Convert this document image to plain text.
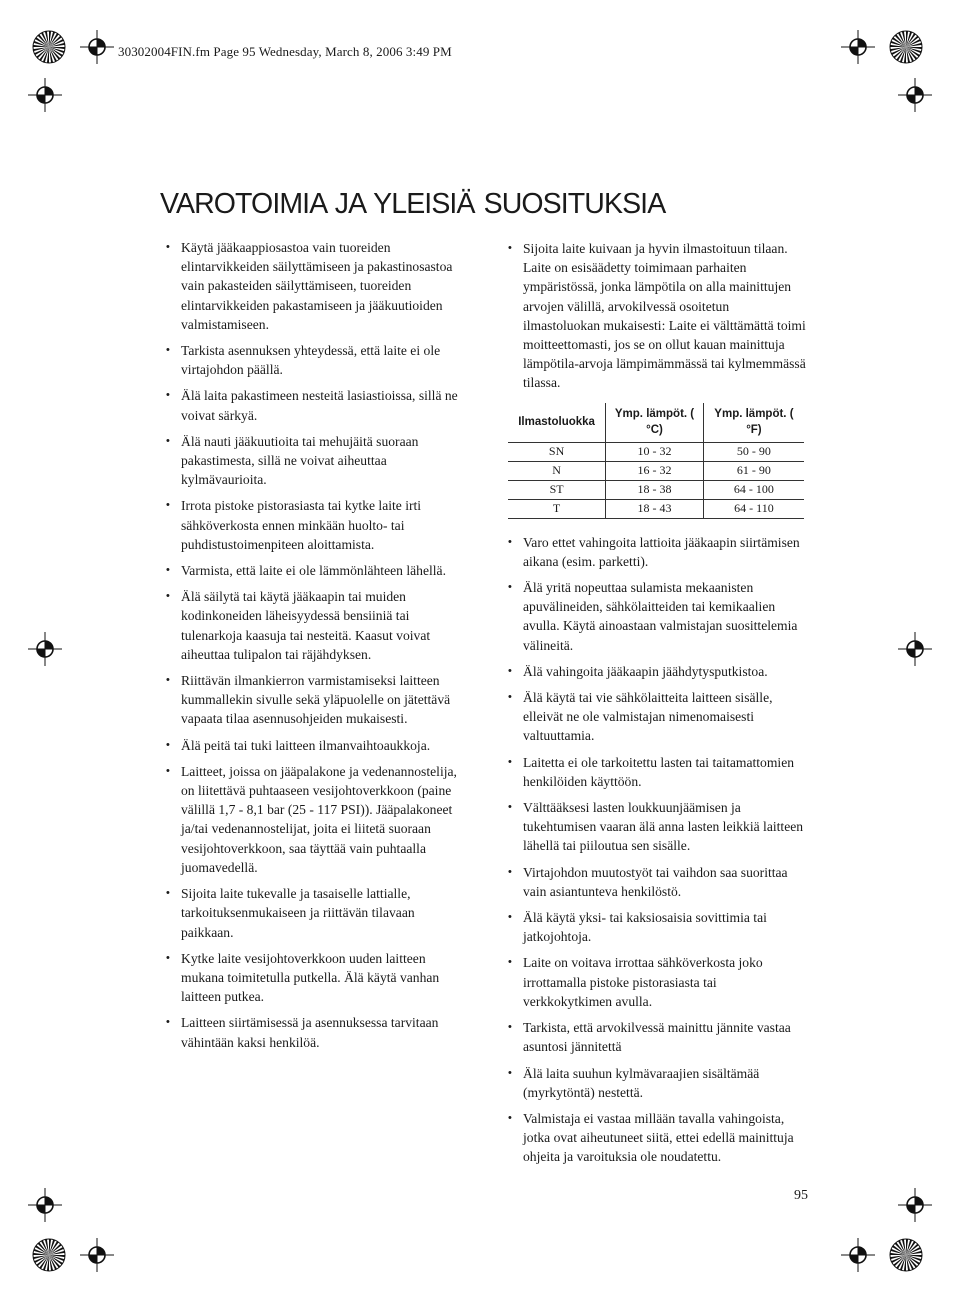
30302004FIN.fm Page 95 Wednesday, March 8, 2006 3:49 PM
VAROTOIMIA JA YLEISIÄ SUOSITUKSIA
• Käytä jääkaappiosastoa vain tuoreiden elintarvikkeiden säilyttämiseen ja pakastinosastoa vain pakasteiden säilyttämiseen, tuoreiden elintarvikkeiden pakastamiseen ja jääkuutioiden valmistamiseen.
• Tarkista asennuksen yhteydessä, että laite ei ole virtajohdon päällä.
• Älä laita pakastimeen nesteitä lasiastioissa, sillä ne voivat särkyä.
• Älä nauti jääkuutioita tai mehujäitä suoraan pakastimesta, sillä ne voivat aiheuttaa kylmävaurioita.
• Irrota pistoke pistorasiasta tai kytke laite irti sähköverkosta ennen minkään huolto- tai puhdistustoimenpiteen aloittamista.
• Varmista, että laite ei ole lämmönlähteen lähellä.
• Älä säilytä tai käytä jääkaapin tai muiden kodinkoneiden läheisyydessä bensiiniä tai tulenarkoja kaasuja tai nesteitä. Kaasut voivat aiheuttaa tulipalon tai räjähdyksen.
• Riittävän ilmankierron varmistamiseksi laitteen kummallekin sivulle sekä yläpuolelle on jätettävä vapaata tilaa asennusohjeiden mukaisesti.
• Älä peitä tai tuki laitteen ilmanvaihtoaukkoja.
• Laitteet, joissa on jääpalakone ja vedenannostelija, on liitettävä puhtaaseen vesijohtoverkkoon (paine välillä 1,7 - 8,1 bar (25 - 117 PSI)). Jääpalakoneet ja/tai vedenannostelijat, joita ei liitetä suoraan vesijohtoverkkoon, saa täyttää vain puhtaalla juomavedellä.
• Sijoita laite tukevalle ja tasaiselle lattialle, tarkoituksenmukaiseen ja riittävän tilavaan paikkaan.
• Kytke laite vesijohtoverkkoon uuden laitteen mukana toimitetulla putkella. Älä käytä vanhan laitteen putkea.
• Laitteen siirtämisessä ja asennuksessa tarvitaan vähintään kaksi henkilöä.
• Sijoita laite kuivaan ja hyvin ilmastoituun tilaan. Laite on esisäädetty toimimaan parhaiten ympäristössä, jonka lämpötila on alla mainittujen arvojen välillä, arvokilvessä osoitetun ilmastoluokan mukaisesti: Laite ei välttämättä toimi moitteettomasti, jos se on ollut kauan mainittuja lämpötila-arvoja lämpimämmässä tai kylmemmässä tilassa.
Ilmastoluokka	Ymp. lämpöt. ( °C)	Ymp. lämpöt. ( °F)
SN	10 - 32	50 - 90
N	16 - 32	61 - 90
ST	18 - 38	64 - 100
T	18 - 43	64 - 110
• Varo ettet vahingoita lattioita jääkaapin siirtämisen aikana (esim. parketti).
• Älä yritä nopeuttaa sulamista mekaanisten apuvälineiden, sähkölaitteiden tai kemikaalien avulla. Käytä ainoastaan valmistajan suosittelemia välineitä.
• Älä vahingoita jääkaapin jäähdytysputkistoa.
• Älä käytä tai vie sähkölaitteita laitteen sisälle, elleivät ne ole valmistajan nimenomaisesti valtuuttamia.
• Laitetta ei ole tarkoitettu lasten tai taitamattomien henkilöiden käyttöön.
• Välttääksesi lasten loukkuunjäämisen ja tukehtumisen vaaran älä anna lasten leikkiä laitteen lähellä tai piiloutua sen sisälle.
• Virtajohdon muutostyöt tai vaihdon saa suorittaa vain asiantunteva henkilöstö.
• Älä käytä yksi- tai kaksiosaisia sovittimia tai jatkojohtoja.
• Laite on voitava irrottaa sähköverkosta joko irrottamalla pistoke pistorasiasta tai verkkokytkimen avulla.
• Tarkista, että arvokilvessä mainittu jännite vastaa asuntosi jännitettä
• Älä laita suuhun kylmävaraajien sisältämää (myrkytöntä) nestettä.
• Valmistaja ei vastaa millään tavalla vahingoista, jotka ovat aiheutuneet siitä, ettei edellä mainittuja ohjeita ja varoituksia ole noudatettu.
95
